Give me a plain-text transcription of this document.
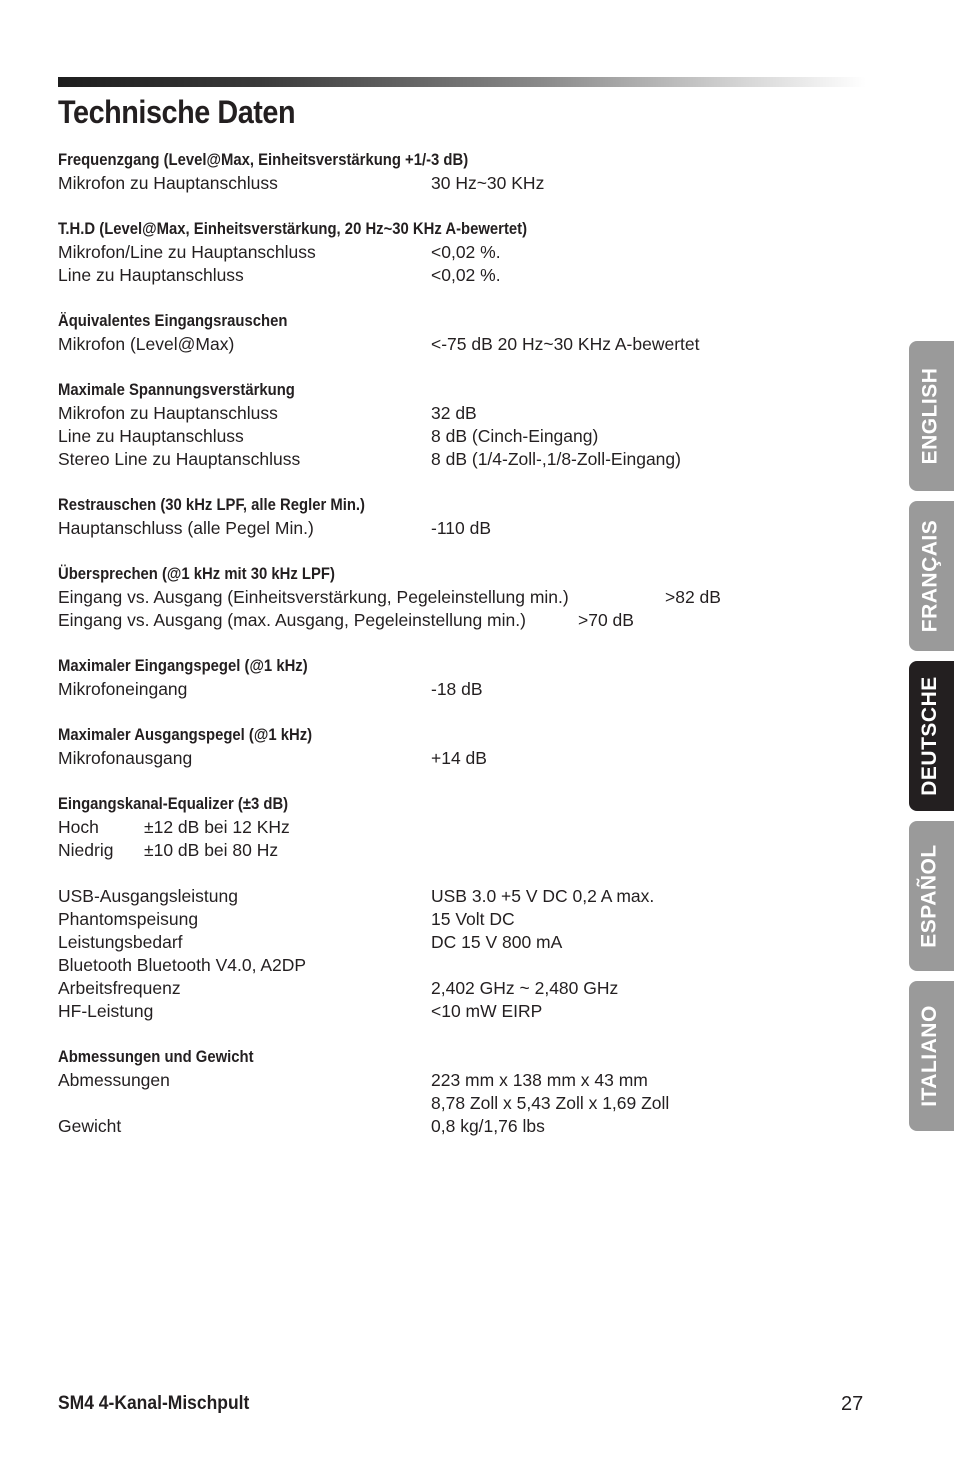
Technische Daten
Frequenzgang (Level@Max, Einheitsverstärkung +1/-3 dB)
Mikrofon zu Hauptanschluss	30 Hz~30 KHz
T.H.D (Level@Max, Einheitsverstärkung, 20 Hz~30 KHz A-bewertet)
Mikrofon/Line zu Hauptanschluss	<0,02 %.
Line zu Hauptanschluss	<0,02 %.
Äquivalentes Eingangsrauschen
Mikrofon (Level@Max)	<-75 dB 20 Hz~30 KHz A-bewertet
Maximale Spannungsverstärkung
Mikrofon zu Hauptanschluss	32 dB
Line zu Hauptanschluss	8 dB (Cinch-Eingang)
Stereo Line zu Hauptanschluss	8 dB (1/4-Zoll-,1/8-Zoll-Eingang)
Restrauschen (30 kHz LPF, alle Regler Min.)
Hauptanschluss (alle Pegel Min.)	-110 dB
Übersprechen (@1 kHz mit 30 kHz LPF)
Eingang vs. Ausgang (Einheitsverstärkung, Pegeleinstellung min.)	>82 dB
Eingang vs. Ausgang (max. Ausgang, Pegeleinstellung min.)	>70 dB
Maximaler Eingangspegel (@1 kHz)
Mikrofoneingang	-18 dB
Maximaler Ausgangspegel (@1 kHz)
Mikrofonausgang	+14 dB
Eingangskanal-Equalizer (±3 dB)
Hoch	±12 dB bei 12 KHz
Niedrig ±10 dB bei 80 Hz
USB-Ausgangsleistung	USB 3.0 +5 V DC 0,2 A max.
Phantomspeisung	15 Volt DC
Leistungsbedarf	DC 15 V 800 mA
Bluetooth Bluetooth V4.0, A2DP
Arbeitsfrequenz	2,402 GHz ~ 2,480 GHz
HF-Leistung	<10 mW EIRP
Abmessungen und Gewicht
Abmessungen	223 mm x 138 mm x 43 mm
8,78 Zoll x 5,43 Zoll x 1,69 Zoll
Gewicht	0,8 kg/1,76 lbs
ENGLISH
FRANÇAIS
DEUTSCHE
ESPAÑOL
ITALIANO
SM4 4-Kanal-Mischpult	27
